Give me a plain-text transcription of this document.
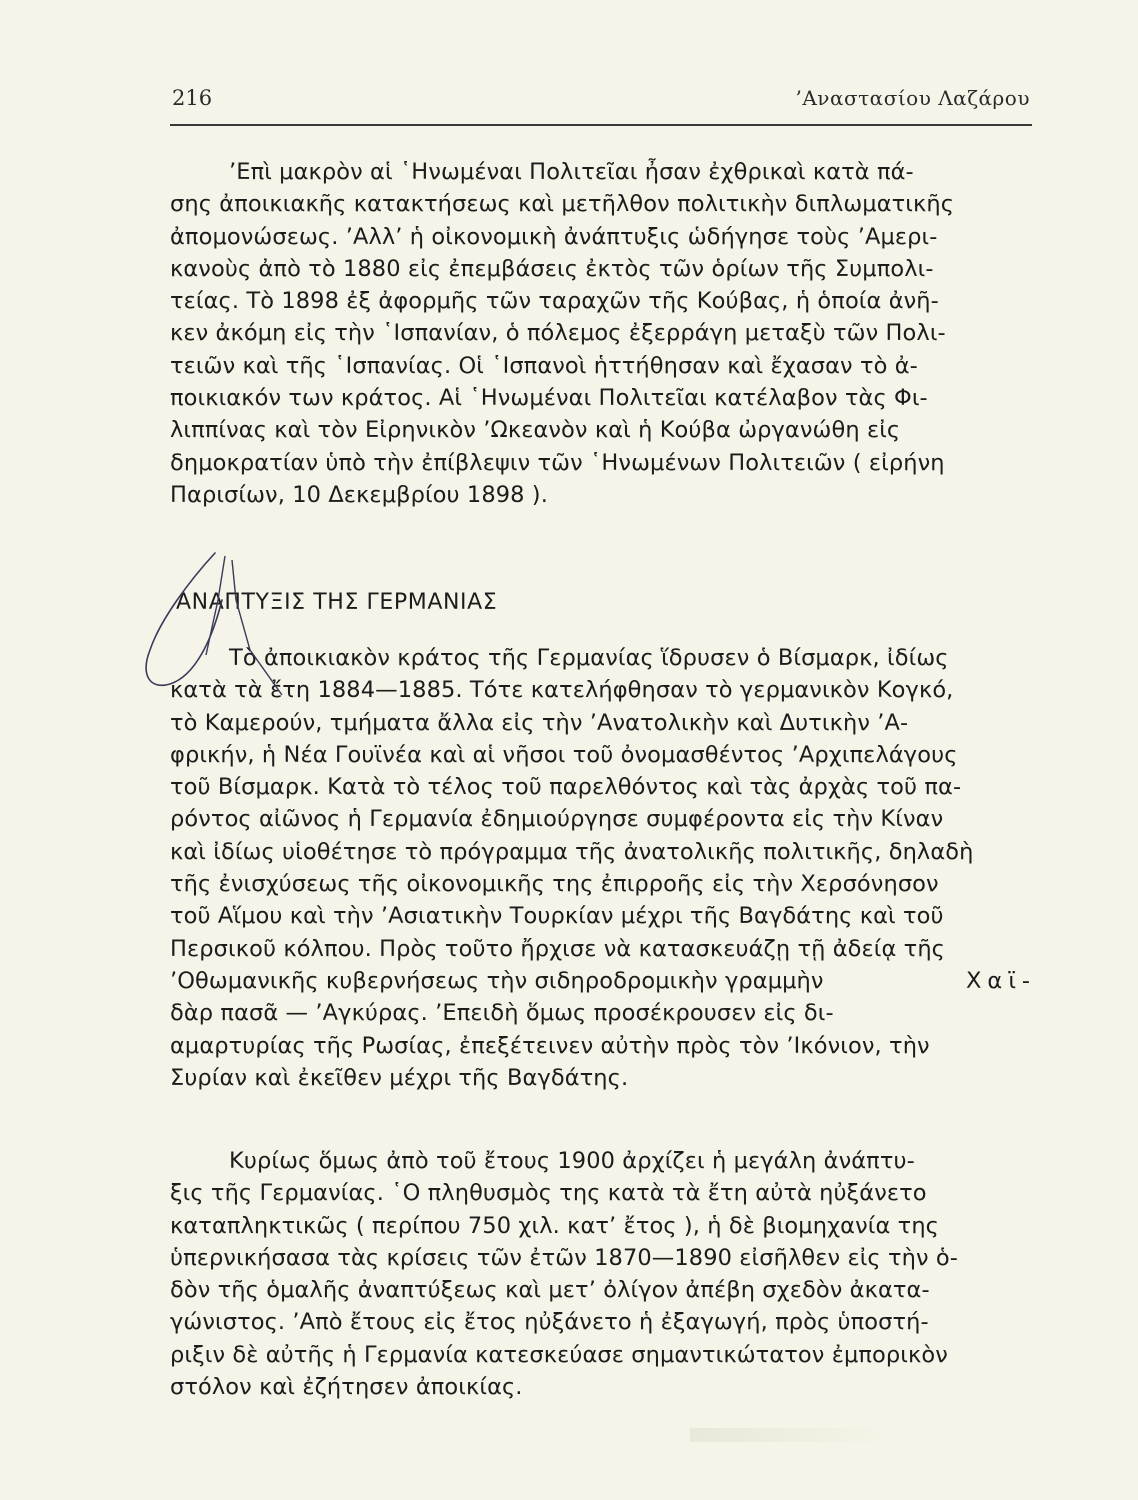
216	’Αναστασίου Λαζάρου
’Επὶ μακρὸν αἱ ῾Ηνωμέναι Πολιτεῖαι ἦσαν ἐχθρικαὶ κατὰ πά-
σης ἀποικιακῆς κατακτήσεως καὶ μετῆλθον πολιτικὴν διπλωματικῆς
ἀπομονώσεως. ’Αλλ’ ἡ οἰκονομικὴ ἀνάπτυξις ὡδήγησε τοὺς ’Αμερι-
κανοὺς ἀπὸ τὸ 1880 εἰς ἐπεμβάσεις ἐκτὸς τῶν ὁρίων τῆς Συμπολι-
τείας. Τὸ 1898 ἐξ ἀφορμῆς τῶν ταραχῶν τῆς Κούβας, ἡ ὁποία ἀνῆ-
κεν ἀκόμη εἰς τὴν ῾Ισπανίαν, ὁ πόλεμος ἐξερράγη μεταξὺ τῶν Πολι-
τειῶν καὶ τῆς ῾Ισπανίας. Οἱ ῾Ισπανοὶ ἡττήθησαν καὶ ἔχασαν τὸ ἀ-
ποικιακόν των κράτος. Αἱ ῾Ηνωμέναι Πολιτεῖαι κατέλαβον τὰς Φι-
λιππίνας καὶ τὸν Εἰρηνικὸν ’Ωκεανὸν καὶ ἡ Κούβα ὠργανώθη εἰς
δημοκρατίαν ὑπὸ τὴν ἐπίβλεψιν τῶν ῾Ηνωμένων Πολιτειῶν ( εἰρήνη
Παρισίων, 10 Δεκεμβρίου 1898 ).
ΑΝΑΠΤΥΞΙΣ ΤΗΣ ΓΕΡΜΑΝΙΑΣ
Τὸ ἀποικιακὸν κράτος τῆς Γερμανίας ἵδρυσεν ὁ Βίσμαρκ, ἰδίως
κατὰ τὰ ἔτη 1884—1885. Τότε κατελήφθησαν τὸ γερμανικὸν Κογκό,
τὸ Καμερούν, τμήματα ἄλλα εἰς τὴν ’Ανατολικὴν καὶ Δυτικὴν ’Α-
φρικήν, ἡ Νέα Γουϊνέα καὶ αἱ νῆσοι τοῦ ὀνομασθέντος ’Αρχιπελάγους
τοῦ Βίσμαρκ. Κατὰ τὸ τέλος τοῦ παρελθόντος καὶ τὰς ἀρχὰς τοῦ πα-
ρόντος αἰῶνος ἡ Γερμανία ἐδημιούργησε συμφέροντα εἰς τὴν Κίναν
καὶ ἰδίως υἱοθέτησε τὸ πρόγραμμα τῆς ἀνατολικῆς πολιτικῆς, δηλαδὴ
τῆς ἐνισχύσεως τῆς οἰκονομικῆς της ἐπιρροῆς εἰς τὴν Χερσόνησον
τοῦ Αἵμου καὶ τὴν ’Ασιατικὴν Τουρκίαν μέχρι τῆς Βαγδάτης καὶ τοῦ
Περσικοῦ κόλπου. Πρὸς τοῦτο ἤρχισε νὰ κατασκευάζῃ τῇ ἀδείᾳ τῆς
’Οθωμανικῆς κυβερνήσεως τὴν σιδηροδρομικὴν γραμμὴν	Χαϊ-
δὰρ πασᾶ — ’Αγκύρας. ’Επειδὴ ὅμως προσέκρουσεν εἰς δι-
αμαρτυρίας τῆς Ρωσίας, ἐπεξέτεινεν αὐτὴν πρὸς τὸν ’Ικόνιον, τὴν
Συρίαν καὶ ἐκεῖθεν μέχρι τῆς Βαγδάτης.
Κυρίως ὅμως ἀπὸ τοῦ ἔτους 1900 ἀρχίζει ἡ μεγάλη ἀνάπτυ-
ξις τῆς Γερμανίας. ῾Ο πληθυσμὸς της κατὰ τὰ ἔτη αὐτὰ ηὐξάνετο
καταπληκτικῶς ( περίπου 750 χιλ. κατ’ ἔτος ), ἡ δὲ βιομηχανία της
ὑπερνικήσασα τὰς κρίσεις τῶν ἐτῶν 1870—1890 εἰσῆλθεν εἰς τὴν ὁ-
δὸν τῆς ὁμαλῆς ἀναπτύξεως καὶ μετ’ ὀλίγον ἀπέβη σχεδὸν ἀκατα-
γώνιστος. ’Απὸ ἔτους εἰς ἔτος ηὐξάνετο ἡ ἐξαγωγή, πρὸς ὑποστή-
ριξιν δὲ αὐτῆς ἡ Γερμανία κατεσκεύασε σημαντικώτατον ἐμπορικὸν
στόλον καὶ ἐζήτησεν ἀποικίας.
